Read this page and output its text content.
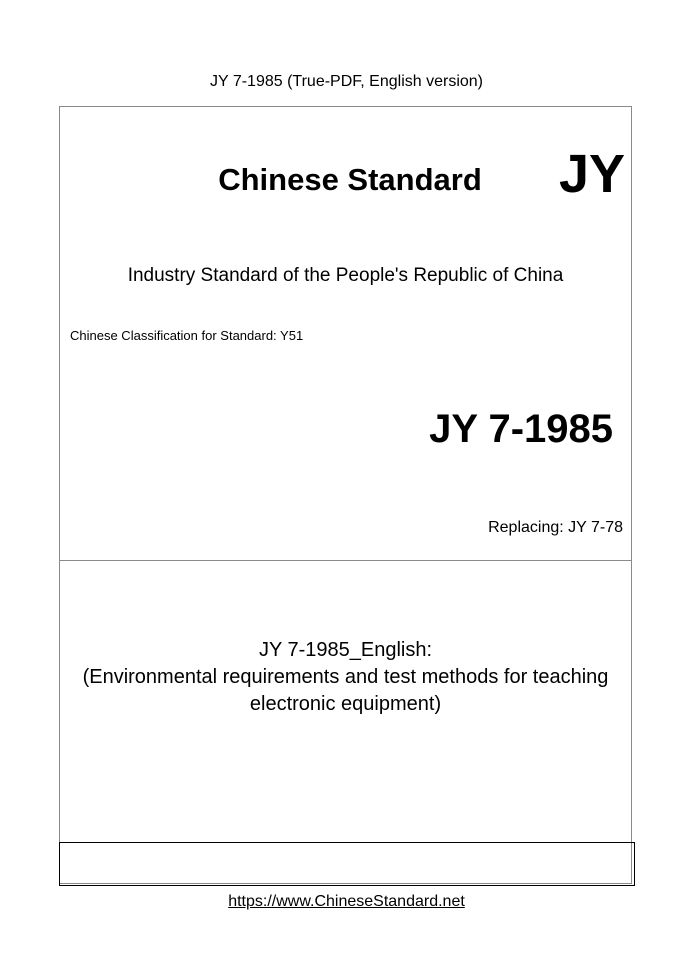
JY 7-1985 (True-PDF, English version)
Chinese Standard	JY
Industry Standard of the People's Republic of China
Chinese Classification for Standard: Y51
JY 7-1985
Replacing: JY 7-78
JY 7-1985_English:
(Environmental requirements and test methods for teaching
electronic equipment)
https://www.ChineseStandard.net
